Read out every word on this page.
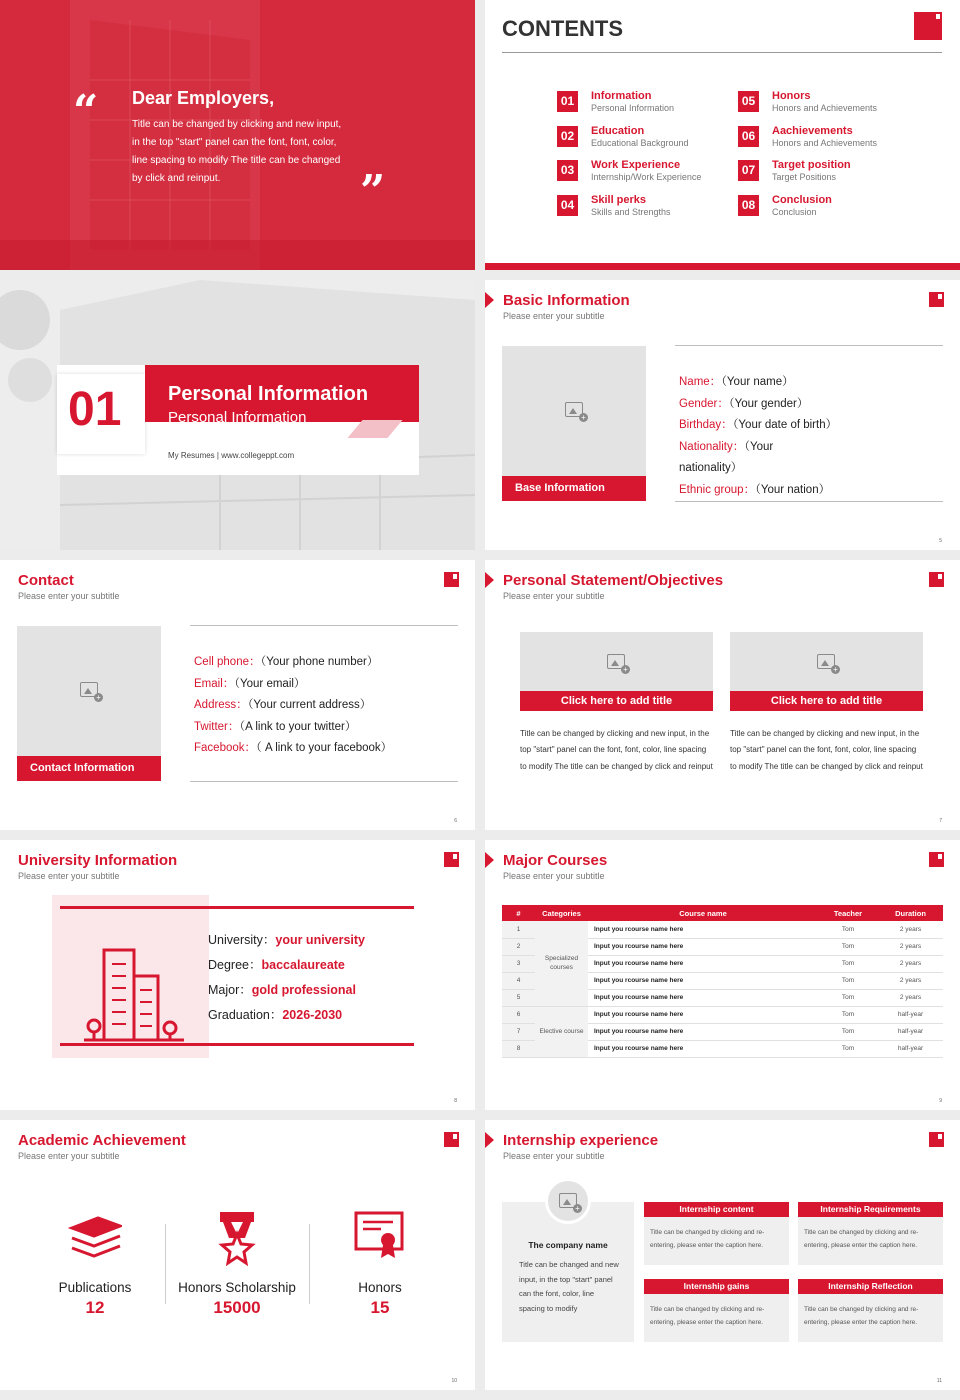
“ Dear Employers,
Title can be changed by clicking and new input, in the top "start" panel can the font, font, color, line spacing to modify The title can be changed by click and reinput.	”
CONTENTS
01	Information
Personal Information
02	Education
Educational Background
03	Work Experience
Internship/Work Experience
04	Skill perks
Skills and Strengths
05	Honors
Honors and Achievements
06	Aachievements
Honors and Achievements
07	Target position
Target Positions
08	Conclusion
Conclusion
01 Personal Information
Personal Information
My Resumes | www.collegeppt.com
Basic Information
Please enter your subtitle
+
Base Information
Name：（Your name）
Gender：（Your gender）
Birthday：（Your date of birth）
Nationality：（Your
nationality）
Ethnic group：（Your nation）
5
Contact
Please enter your subtitle
+
Contact Information
Cell phone：（Your phone number）
Email：（Your email）
Address：（Your current address）
Twitter：（A link to your twitter）
Facebook：（ A link to your facebook）
6
Personal Statement/Objectives
Please enter your subtitle
+
Click here to add title
Title can be changed by clicking and new input, in the top "start" panel can the font, font, color, line spacing to modify The title can be changed by click and reinput
+
Click here to add title
Title can be changed by clicking and new input, in the top "start" panel can the font, font, color, line spacing to modify The title can be changed by click and reinput
7
University Information
Please enter your subtitle
University：your university
Degree：baccalaureate
Major：gold professional
Graduation：2026-2030
8
Major Courses
Please enter your subtitle
#	Categories	Course name	Teacher	Duration
1	Specialized courses	Input you rcourse name here	Tom	2 years
2		Input you rcourse name here	Tom	2 years
3		Input you rcourse name here	Tom	2 years
4		Input you rcourse name here	Tom	2 years
5		Input you rcourse name here	Tom	2 years
6	Elective course	Input you rcourse name here	Tom	half-year
7		Input you rcourse name here	Tom	half-year
8		Input you rcourse name here	Tom	half-year
9
Academic Achievement
Please enter your subtitle
Publications
12
Honors Scholarship
15000
Honors
15
10
Internship experience
Please enter your subtitle
+
The company name
Title can be changed and new input, in the top "start" panel can the font, color, line spacing to modify
Internship content
Title can be changed by clicking and re-entering, please enter the caption here.
Internship Requirements
Title can be changed by clicking and re-entering, please enter the caption here.
Internship gains
Title can be changed by clicking and re-entering, please enter the caption here.
Internship Reflection
Title can be changed by clicking and re-entering, please enter the caption here.
11
